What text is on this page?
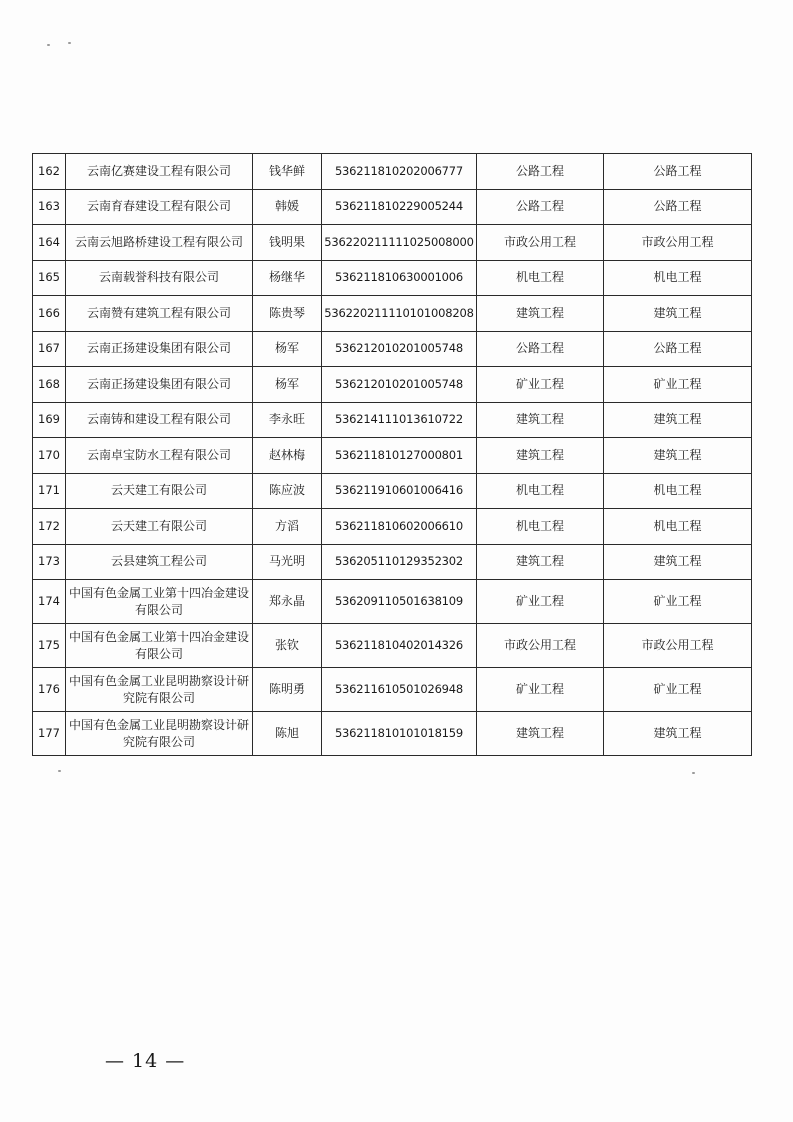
162	云南亿赛建设工程有限公司	钱华鲜	536211810202006777	公路工程	公路工程
163	云南育春建设工程有限公司	韩媛	536211810229005244	公路工程	公路工程
164	云南云旭路桥建设工程有限公司	钱明果	536220211111025008000	市政公用工程	市政公用工程
165	云南载誉科技有限公司	杨继华	536211810630001006	机电工程	机电工程
166	云南赞有建筑工程有限公司	陈贵琴	536220211110101008208	建筑工程	建筑工程
167	云南正扬建设集团有限公司	杨军	536212010201005748	公路工程	公路工程
168	云南正扬建设集团有限公司	杨军	536212010201005748	矿业工程	矿业工程
169	云南铸和建设工程有限公司	李永旺	536214111013610722	建筑工程	建筑工程
170	云南卓宝防水工程有限公司	赵林梅	536211810127000801	建筑工程	建筑工程
171	云天建工有限公司	陈应波	536211910601006416	机电工程	机电工程
172	云天建工有限公司	方滔	536211810602006610	机电工程	机电工程
173	云县建筑工程公司	马光明	536205110129352302	建筑工程	建筑工程
174	中国有色金属工业第十四冶金建设
有限公司	郑永晶	536209110501638109	矿业工程	矿业工程
175	中国有色金属工业第十四冶金建设
有限公司	张钦	536211810402014326	市政公用工程	市政公用工程
176	中国有色金属工业昆明勘察设计研
究院有限公司	陈明勇	536211610501026948	矿业工程	矿业工程
177	中国有色金属工业昆明勘察设计研
究院有限公司	陈旭	536211810101018159	建筑工程	建筑工程
— 14 —
